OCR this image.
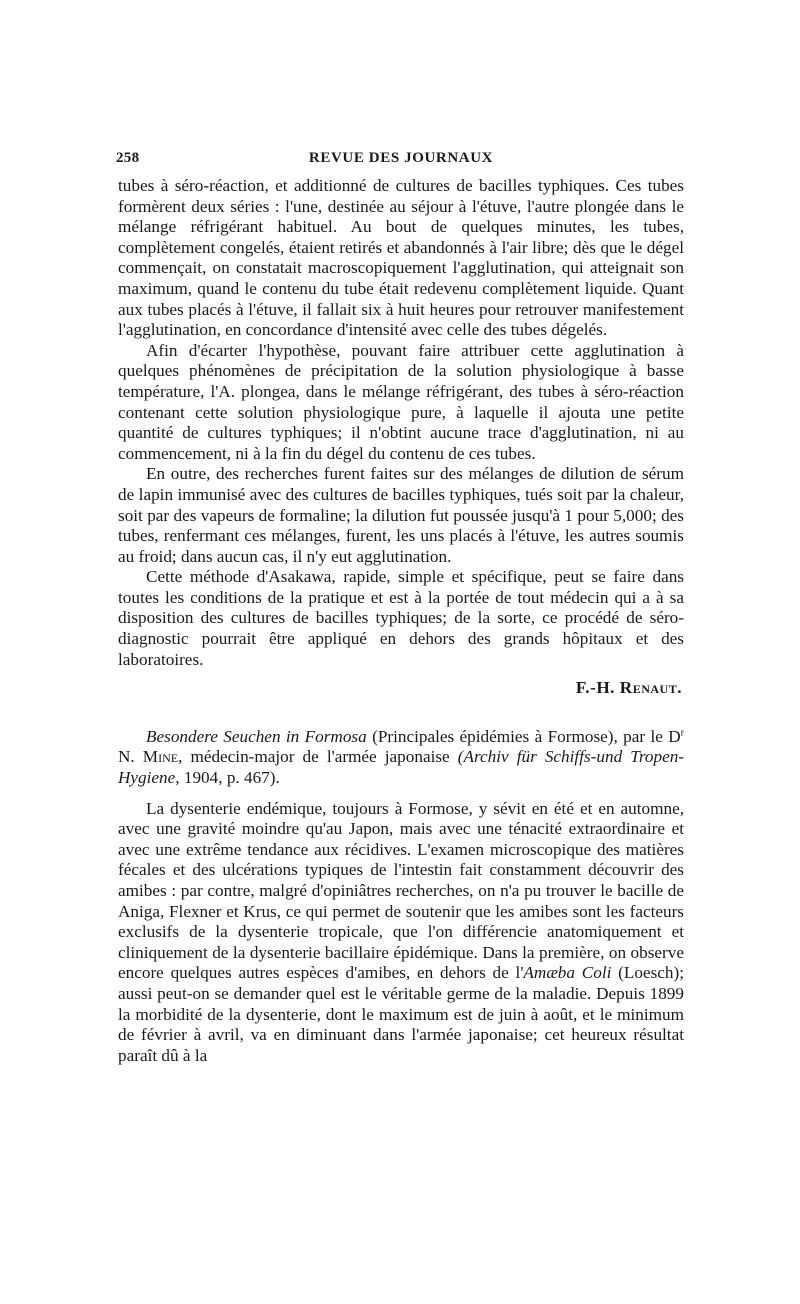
258	REVUE DES JOURNAUX

tubes à séro-réaction, et additionné de cultures de bacilles typhiques. Ces tubes formèrent deux séries : l'une, destinée au séjour à l'étuve, l'autre plongée dans le mélange réfrigérant habituel. Au bout de quelques minutes, les tubes, complètement congelés, étaient retirés et abandonnés à l'air libre; dès que le dégel commençait, on constatait macroscopiquement l'agglutination, qui atteignait son maximum, quand le contenu du tube était redevenu complètement liquide. Quant aux tubes placés à l'étuve, il fallait six à huit heures pour retrouver manifestement l'agglutination, en concordance d'intensité avec celle des tubes dégelés.

Afin d'écarter l'hypothèse, pouvant faire attribuer cette agglutination à quelques phénomènes de précipitation de la solution physiologique à basse température, l'A. plongea, dans le mélange réfrigérant, des tubes à séro-réaction contenant cette solution physiologique pure, à laquelle il ajouta une petite quantité de cultures typhiques; il n'obtint aucune trace d'agglutination, ni au commencement, ni à la fin du dégel du contenu de ces tubes.

En outre, des recherches furent faites sur des mélanges de dilution de sérum de lapin immunisé avec des cultures de bacilles typhiques, tués soit par la chaleur, soit par des vapeurs de formaline; la dilution fut poussée jusqu'à 1 pour 5,000; des tubes, renfermant ces mélanges, furent, les uns placés à l'étuve, les autres soumis au froid; dans aucun cas, il n'y eut agglutination.

Cette méthode d'Asakawa, rapide, simple et spécifique, peut se faire dans toutes les conditions de la pratique et est à la portée de tout médecin qui a à sa disposition des cultures de bacilles typhiques; de la sorte, ce procédé de séro-diagnostic pourrait être appliqué en dehors des grands hôpitaux et des laboratoires.

F.-H. Renaut.

Besondere Seuchen in Formosa (Principales épidémies à Formose), par le $D^r$ N. Mine, médecin-major de l'armée japonaise (Archiv für Schiffs-und Tropen-Hygiene, 1904, p. 467).

La dysenterie endémique, toujours à Formose, y sévit en été et en automne, avec une gravité moindre qu'au Japon, mais avec une ténacité extraordinaire et avec une extrême tendance aux récidives. L'examen microscopique des matières fécales et des ulcérations typiques de l'intestin fait constamment découvrir des amibes : par contre, malgré d'opiniâtres recherches, on n'a pu trouver le bacille de Aniga, Flexner et Krus, ce qui permet de soutenir que les amibes sont les facteurs exclusifs de la dysenterie tropicale, que l'on différencie anatomiquement et cliniquement de la dysenterie bacillaire épidémique. Dans la première, on observe encore quelques autres espèces d'amibes, en dehors de l'Amæba Coli (Loesch); aussi peut-on se demander quel est le véritable germe de la maladie. Depuis 1899 la morbidité de la dysenterie, dont le maximum est de juin à août, et le minimum de février à avril, va en diminuant dans l'armée japonaise; cet heureux résultat paraît dû à la
